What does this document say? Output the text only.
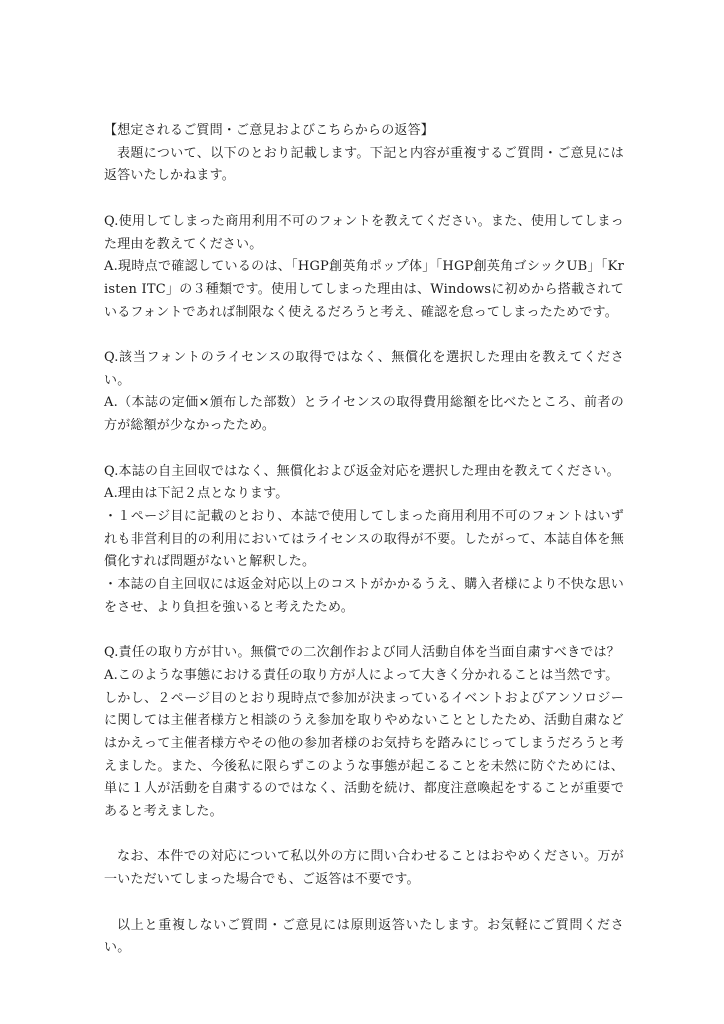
【想定されるご質問・ご意見およびこちらからの返答】

表題について、以下のとおり記載します。下記と内容が重複するご質問・ご意見には返答いたしかねます。

Q.使用してしまった商用利用不可のフォントを教えてください。また、使用してしまった理由を教えてください。

A.現時点で確認しているのは、「HGP創英角ポップ体」「HGP創英角ゴシックUB」「Kristen ITC」の３種類です。使用してしまった理由は、Windowsに初めから搭載されているフォントであれば制限なく使えるだろうと考え、確認を怠ってしまったためです。

Q.該当フォントのライセンスの取得ではなく、無償化を選択した理由を教えてください。

A.（本誌の定価×頒布した部数）とライセンスの取得費用総額を比べたところ、前者の方が総額が少なかったため。

Q.本誌の自主回収ではなく、無償化および返金対応を選択した理由を教えてください。

A.理由は下記２点となります。

・１ページ目に記載のとおり、本誌で使用してしまった商用利用不可のフォントはいずれも非営利目的の利用においてはライセンスの取得が不要。したがって、本誌自体を無償化すれば問題がないと解釈した。

・本誌の自主回収には返金対応以上のコストがかかるうえ、購入者様により不快な思いをさせ、より負担を強いると考えたため。

Q.責任の取り方が甘い。無償での二次創作および同人活動自体を当面自粛すべきでは？

A.このような事態における責任の取り方が人によって大きく分かれることは当然です。

しかし、２ページ目のとおり現時点で参加が決まっているイベントおよびアンソロジーに関しては主催者様方と相談のうえ参加を取りやめないこととしたため、活動自粛などはかえって主催者様方やその他の参加者様のお気持ちを踏みにじってしまうだろうと考えました。また、今後私に限らずこのような事態が起こることを未然に防ぐためには、単に１人が活動を自粛するのではなく、活動を続け、都度注意喚起をすることが重要であると考えました。

なお、本件での対応について私以外の方に問い合わせることはおやめください。万が一いただいてしまった場合でも、ご返答は不要です。

以上と重複しないご質問・ご意見には原則返答いたします。お気軽にご質問ください。
